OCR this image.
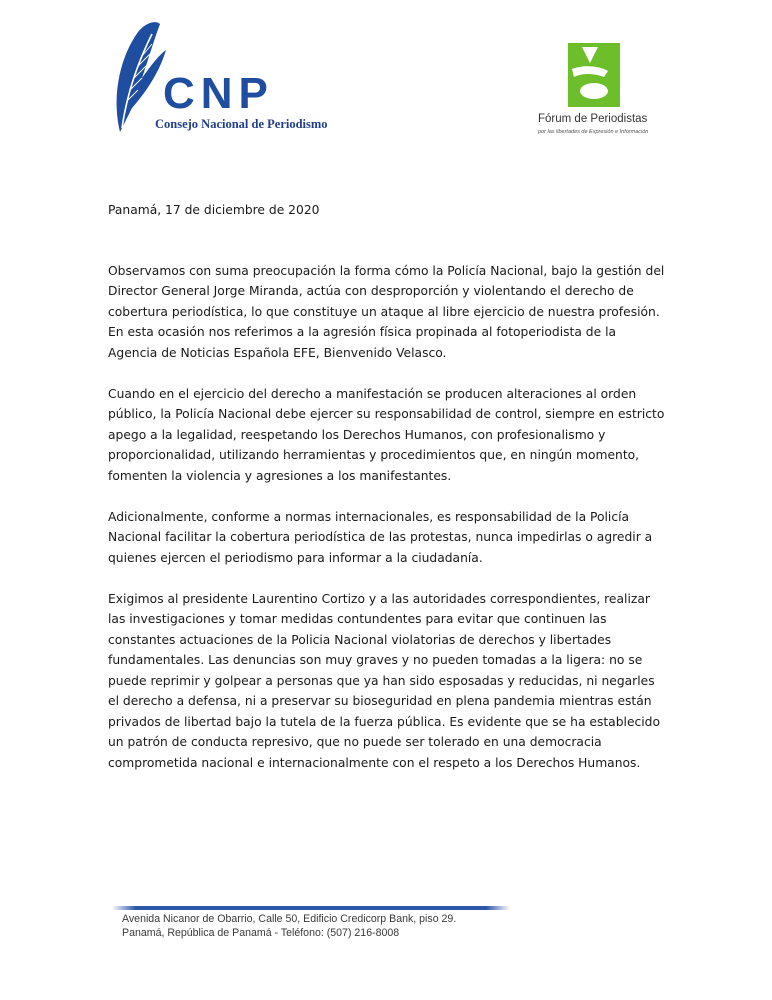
CNP
Consejo Nacional de Periodismo	Fórum de Periodistas
por las libertades de Expresión e Información

Panamá, 17 de diciembre de 2020

Observamos con suma preocupación la forma cómo la Policía Nacional, bajo la gestión del Director General Jorge Miranda, actúa con desproporción y violentando el derecho de cobertura periodística, lo que constituye un ataque al libre ejercicio de nuestra profesión. En esta ocasión nos referimos a la agresión física propinada al fotoperiodista de la Agencia de Noticias Española EFE, Bienvenido Velasco.

Cuando en el ejercicio del derecho a manifestación se producen alteraciones al orden público, la Policía Nacional debe ejercer su responsabilidad de control, siempre en estricto apego a la legalidad, reespetando los Derechos Humanos, con profesionalismo y proporcionalidad, utilizando herramientas y procedimientos que, en ningún momento, fomenten la violencia y agresiones a los manifestantes.

Adicionalmente, conforme a normas internacionales, es responsabilidad de la Policía Nacional facilitar la cobertura periodística de las protestas, nunca impedirlas o agredir a quienes ejercen el periodismo para informar a la ciudadanía.

Exigimos al presidente Laurentino Cortizo y a las autoridades correspondientes, realizar las investigaciones y tomar medidas contundentes para evitar que continuen las constantes actuaciones de la Policia Nacional violatorias de derechos y libertades fundamentales. Las denuncias son muy graves y no pueden tomadas a la ligera: no se puede reprimir y golpear a personas que ya han sido esposadas y reducidas, ni negarles el derecho a defensa, ni a preservar su bioseguridad en plena pandemia mientras están privados de libertad bajo la tutela de la fuerza pública. Es evidente que se ha establecido un patrón de conducta represivo, que no puede ser tolerado en una democracia comprometida nacional e internacionalmente con el respeto a los Derechos Humanos.

Avenida Nicanor de Obarrio, Calle 50, Edificio Credicorp Bank, piso 29.
Panamá, República de Panamá - Teléfono: (507) 216-8008
